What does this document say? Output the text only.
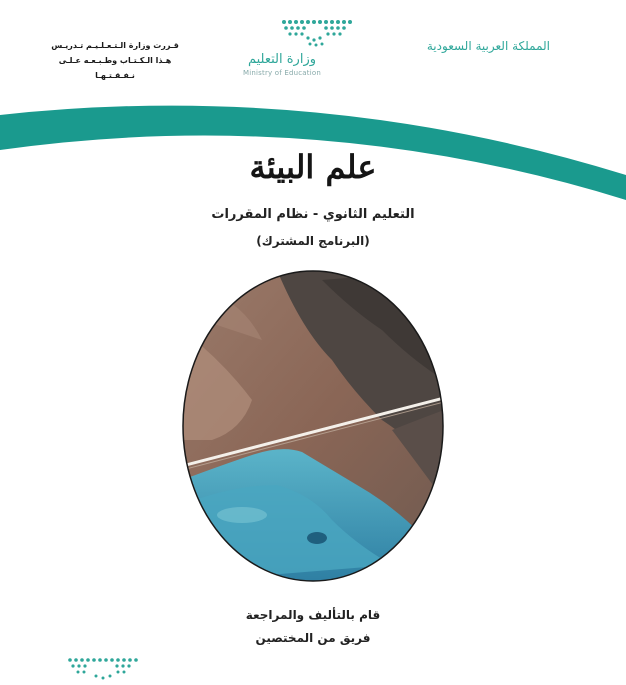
المملكة العربية السعودية
وزارة التعليم
Ministry of Education
قـررت وزارة الـتـعـلـيـم تـدريـس
هـذا الـكـتـاب وطـبـعـه عـلـى نـفـقـتـهـا
علم البيئة
التعليم الثانوي - نظام المقررات
(البرنامج المشترك)
قام بالتأليف والمراجعة
فريق من المختصين
